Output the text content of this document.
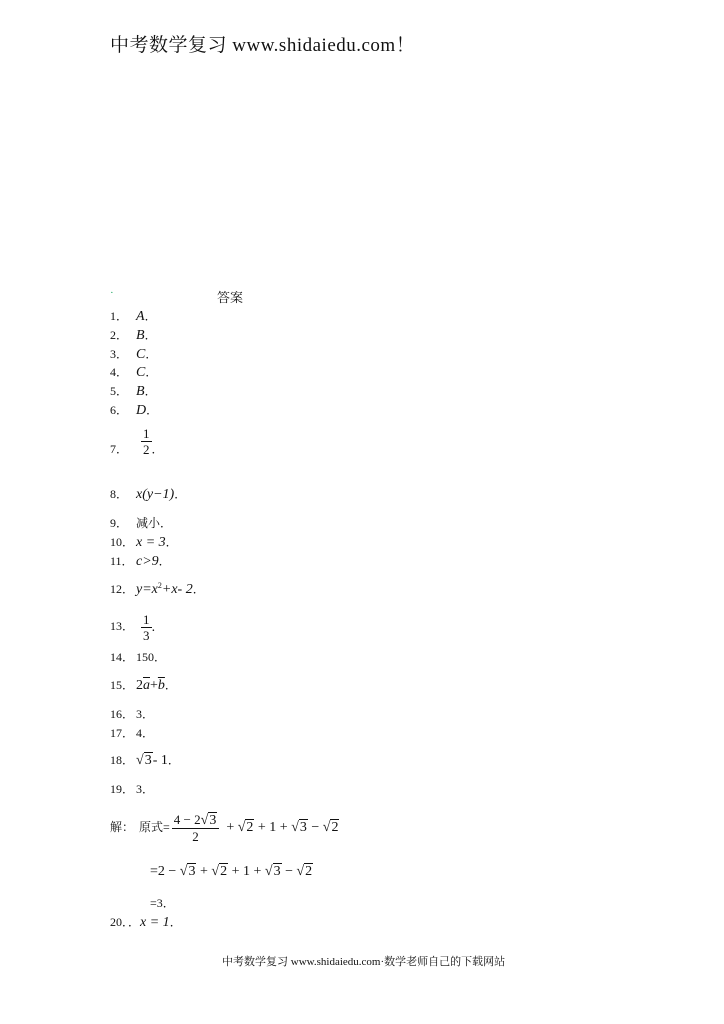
中考数学复习 www.shidaiedu.com！
·	答案
1． A．
2． B．
3． C．
4． C．
5． B．
6． D．
7． $\frac{1}{2}$ ．
8． x(y−1)．
9． 减小．
10． x = 3．
11． c>9．
12． $y=x^2+x-$ 2．
13． $\frac{1}{3}$ ．
14． 150．
15． $2\overline{a}+\overline{b}$．
16． 3．
17． 4．
18． √3- 1．
19． 3．
解： 原式= $\frac{4 - 2√3}{2} + √2 + 1 + √3 - √2$
=2 − √3 + √2 + 1 + √3 − √2
=3．
20．．x = 1．
中考数学复习 www.shidaiedu.com·数学老师自己的下载网站
